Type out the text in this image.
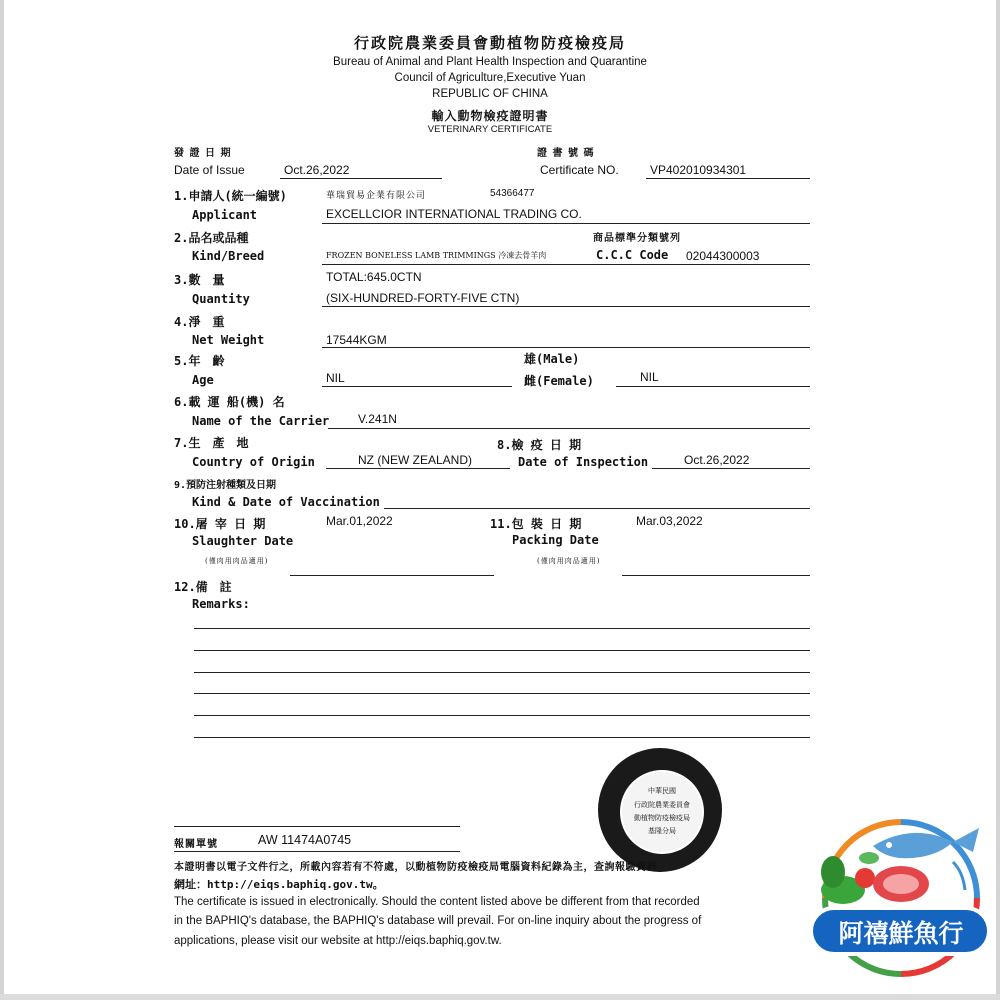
行政院農業委員會動植物防疫檢疫局
Bureau of Animal and Plant Health Inspection and Quarantine
Council of Agriculture,Executive Yuan
REPUBLIC OF CHINA
輸入動物檢疫證明書
VETERINARY CERTIFICATE
發 證 日 期
Date of Issue	Oct.26,2022
證 書 號 碼
Certificate NO.	VP402010934301
1.申請人(統一編號)	華瑞貿易企業有限公司	54366477
Applicant	EXCELLCIOR INTERNATIONAL TRADING CO.
2.品名或品種	商品標準分類號列
Kind/Breed	FROZEN BONELESS LAMB TRIMMINGS 冷凍去骨羊肉	C.C.C Code 02044300003
3.數　量	TOTAL:645.0CTN
Quantity	(SIX-HUNDRED-FORTY-FIVE CTN)
4.淨　重
Net Weight	17544KGM
5.年　齡	雄(Male)
Age	NIL	雌(Female)	NIL
6.載 運 船(機) 名
Name of the Carrier V.241N
7.生　產　地	8.檢 疫 日 期
Country of Origin	NZ (NEW ZEALAND)	Date of Inspection	Oct.26,2022
9.預防注射種類及日期
Kind & Date of Vaccination
10.屠 宰 日 期	Mar.01,2022	11.包 裝 日 期	Mar.03,2022
Slaughter Date	Packing Date
(僅肉用肉品適用)	(僅肉用肉品適用)
12.備　註
Remarks:
中華民國
行政院農業委員會
動植物防疫檢疫局
基隆分局
報關單號	AW 11474A0745
本證明書以電子文件行之，所載內容若有不符處，以動植物防疫檢疫局電腦資料紀錄為主，查詢報驗資料
網址：http://eiqs.baphiq.gov.tw。
The certificate is issued in electronically. Should the content listed above be different from that recorded
in the BAPHIQ's database, the BAPHIQ's database will prevail. For on-line inquiry about the progress of
applications, please visit our website at http://eiqs.baphiq.gov.tw.	阿禧鮮魚行
